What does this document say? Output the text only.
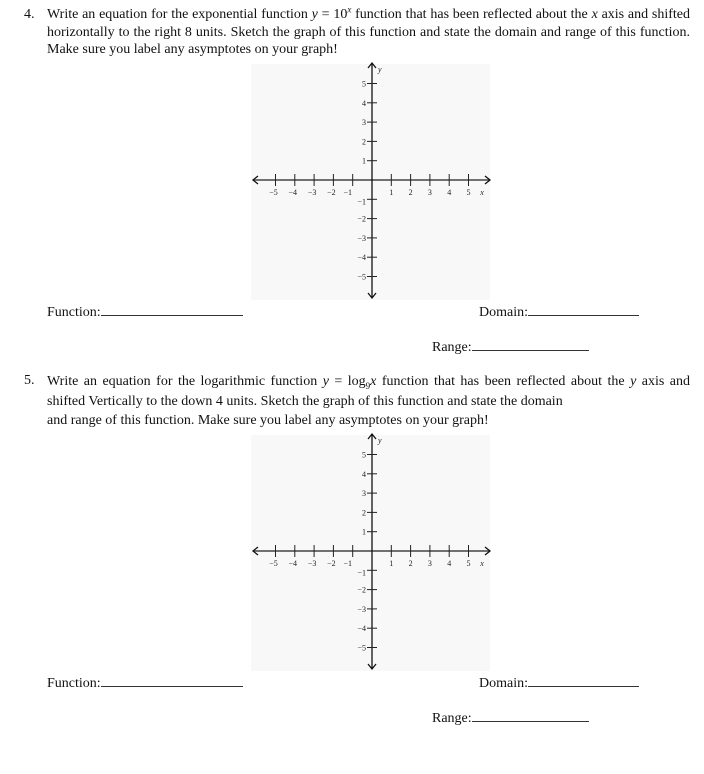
4. Write an equation for the exponential function $y = 10^x$ function that has been reflected about the x axis and shifted horizontally to the right 8 units. Sketch the graph of this function and state the domain and range of this function. Make sure you label any asymptotes on your graph!
−5 −4 −3 −2 −1	1 2 3 4 5
5
4
3
2
1
−1
−2
−3
−4
−5
x
y
Function:	Domain:
Range:
5. Write an equation for the logarithmic function $y = \log_9x$ function that has been reflected about the y axis and shifted Vertically to the down 4 units. Sketch the graph of this function and state the domain
and range of this function. Make sure you label any asymptotes on your graph!
−5 −4 −3 −2 −1	1 2 3 4 5
5
4
3
2
1
−1
−2
−3
−4
−5
x
y
Function:	Domain:
Range:
